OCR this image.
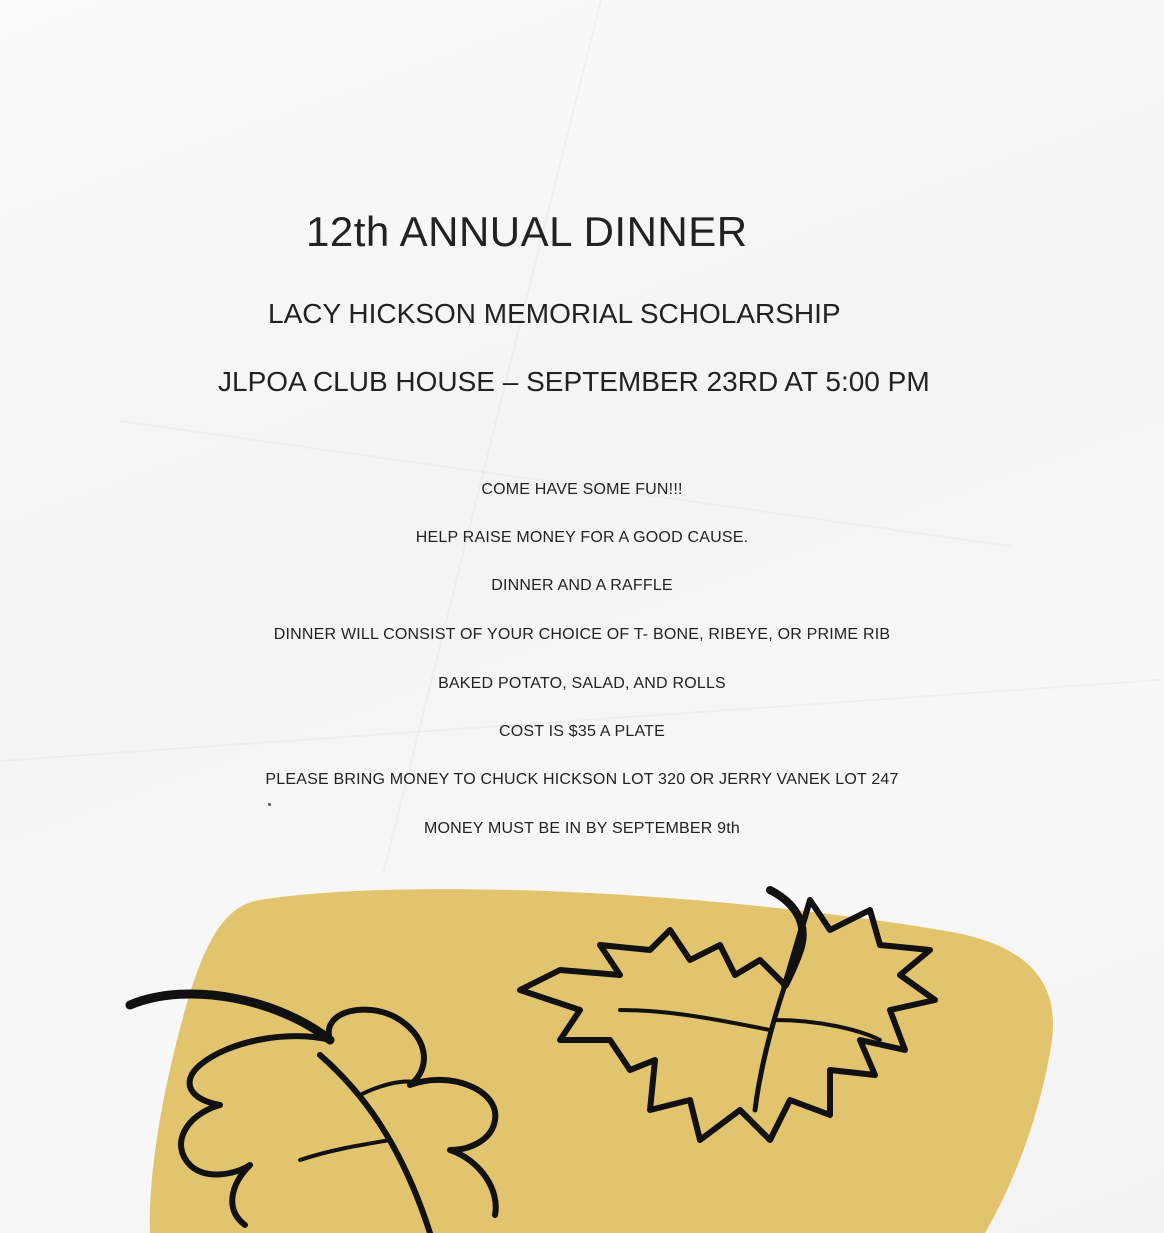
12th ANNUAL DINNER
LACY HICKSON MEMORIAL SCHOLARSHIP
JLPOA CLUB HOUSE – SEPTEMBER 23RD AT 5:00 PM
COME HAVE SOME FUN!!!
HELP RAISE MONEY FOR A GOOD CAUSE.
DINNER AND A RAFFLE
DINNER WILL CONSIST OF YOUR CHOICE OF T- BONE, RIBEYE, OR PRIME RIB
BAKED POTATO, SALAD, AND ROLLS
COST IS $35 A PLATE
PLEASE BRING MONEY TO CHUCK HICKSON LOT 320 OR JERRY VANEK LOT 247
MONEY MUST BE IN BY SEPTEMBER 9th
